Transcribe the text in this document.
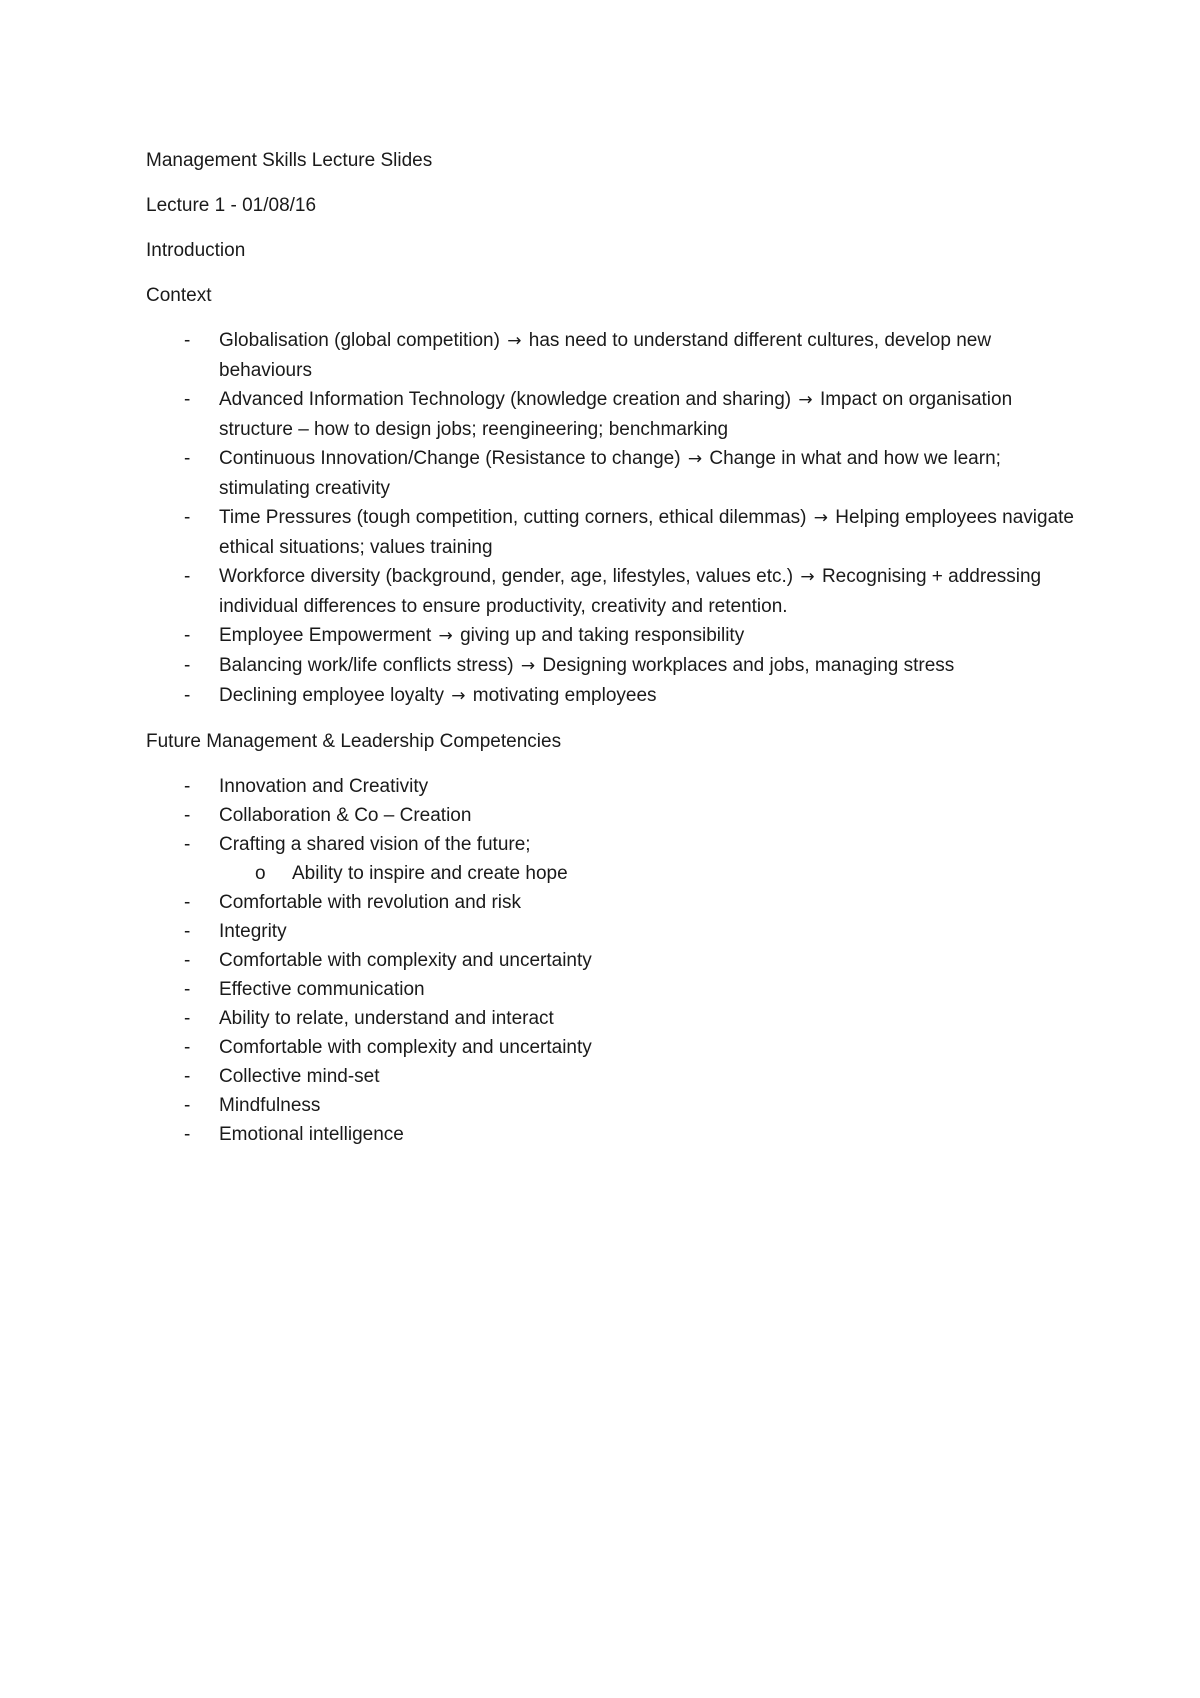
Management Skills Lecture Slides

Lecture 1 - 01/08/16

Introduction

Context

- Globalisation (global competition) → has need to understand different cultures, develop new behaviours
- Advanced Information Technology (knowledge creation and sharing) → Impact on organisation structure – how to design jobs; reengineering; benchmarking
- Continuous Innovation/Change (Resistance to change) → Change in what and how we learn; stimulating creativity
- Time Pressures (tough competition, cutting corners, ethical dilemmas) → Helping employees navigate ethical situations; values training
- Workforce diversity (background, gender, age, lifestyles, values etc.) → Recognising + addressing individual differences to ensure productivity, creativity and retention.
- Employee Empowerment → giving up and taking responsibility
- Balancing work/life conflicts stress) → Designing workplaces and jobs, managing stress
- Declining employee loyalty → motivating employees

Future Management & Leadership Competencies

- Innovation and Creativity
- Collaboration & Co – Creation
- Crafting a shared vision of the future;
o Ability to inspire and create hope
- Comfortable with revolution and risk
- Integrity
- Comfortable with complexity and uncertainty
- Effective communication
- Ability to relate, understand and interact
- Comfortable with complexity and uncertainty
- Collective mind-set
- Mindfulness
- Emotional intelligence
